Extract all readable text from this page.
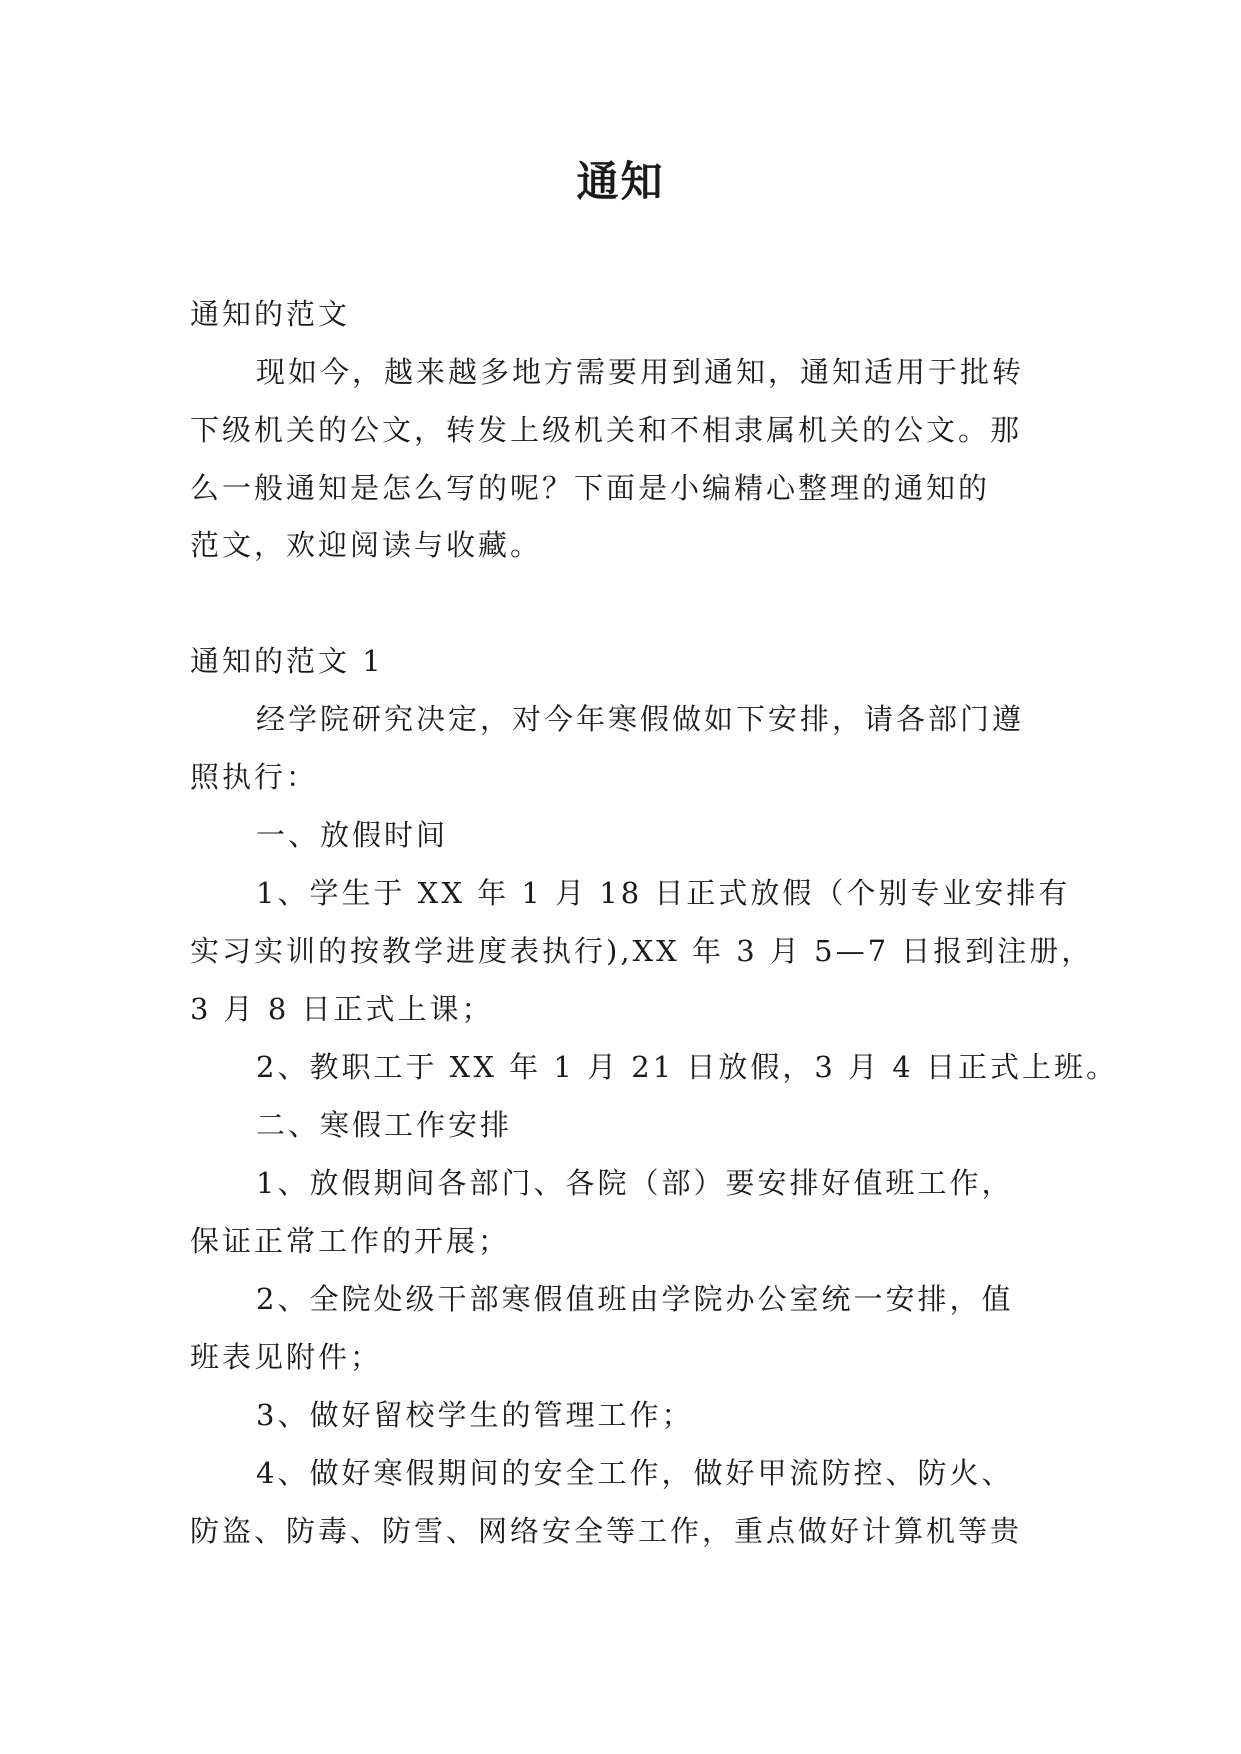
通知

通知的范文

现如今，越来越多地方需要用到通知，通知适用于批转

下级机关的公文，转发上级机关和不相隶属机关的公文。那

么一般通知是怎么写的呢？下面是小编精心整理的通知的

范文，欢迎阅读与收藏。

通知的范文 1

经学院研究决定，对今年寒假做如下安排，请各部门遵

照执行：

一、放假时间

1、学生于 XX 年 1 月 18 日正式放假（个别专业安排有

实习实训的按教学进度表执行),XX 年 3 月 5—7 日报到注册，

3 月 8 日正式上课；

2、教职工于 XX 年 1 月 21 日放假，3 月 4 日正式上班。

二、寒假工作安排

1、放假期间各部门、各院（部）要安排好值班工作，

保证正常工作的开展；

2、全院处级干部寒假值班由学院办公室统一安排，值

班表见附件；

3、做好留校学生的管理工作；

4、做好寒假期间的安全工作，做好甲流防控、防火、

防盗、防毒、防雪、网络安全等工作，重点做好计算机等贵
